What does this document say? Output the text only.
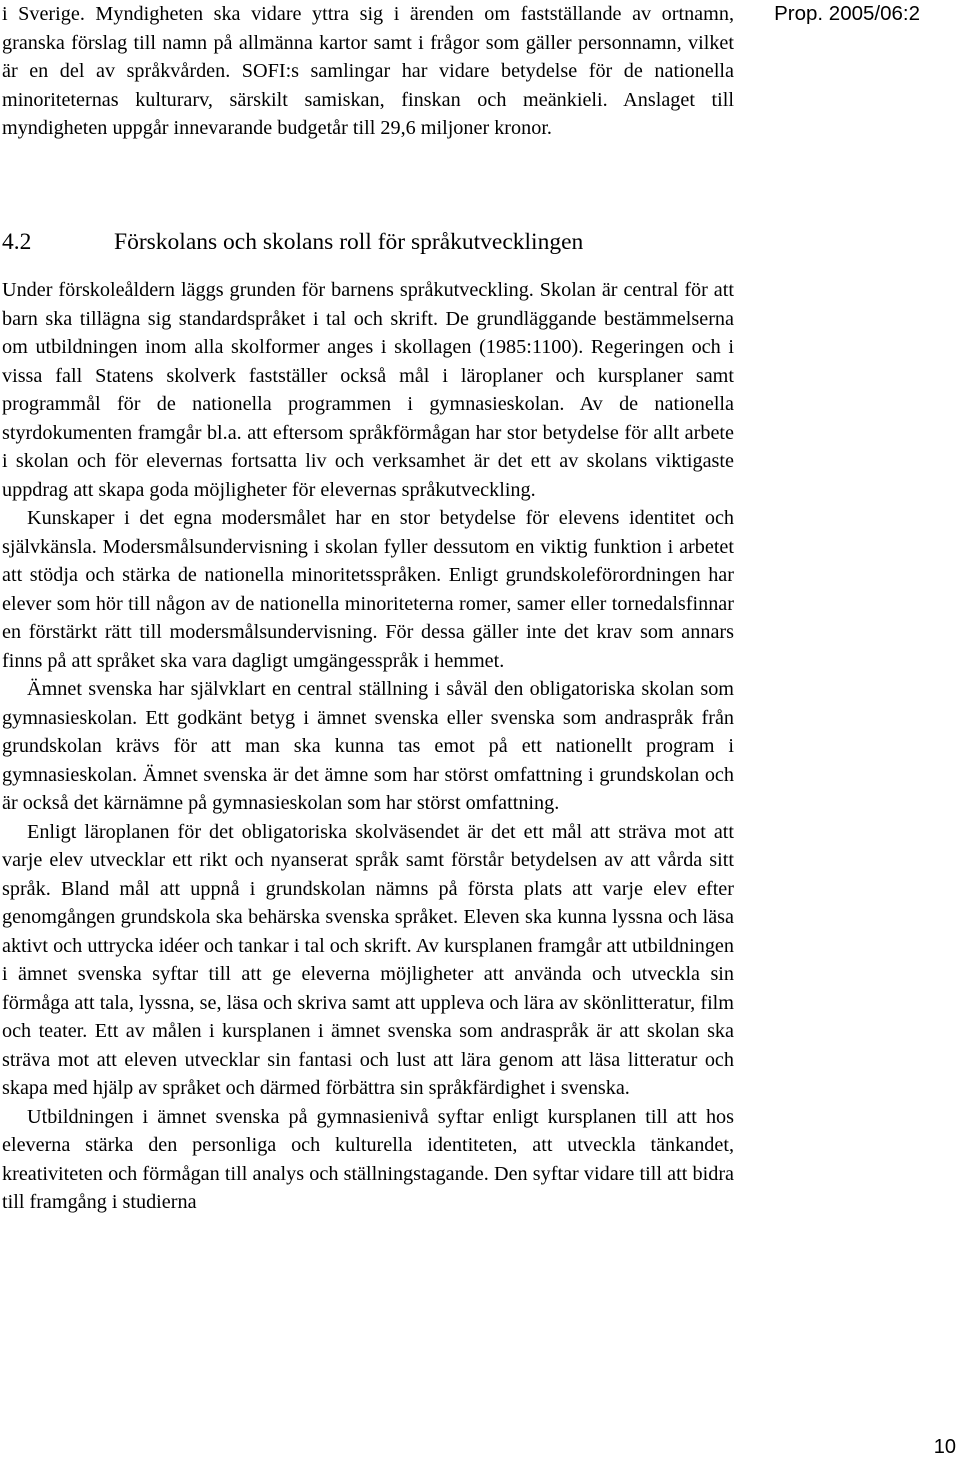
Prop. 2005/06:2

i Sverige. Myndigheten ska vidare yttra sig i ärenden om fastställande av ortnamn, granska förslag till namn på allmänna kartor samt i frågor som gäller personnamn, vilket är en del av språkvården. SOFI:s samlingar har vidare betydelse för de nationella minoriteternas kulturarv, särskilt samiskan, finskan och meänkieli. Anslaget till myndigheten uppgår innevarande budgetår till 29,6 miljoner kronor.

4.2	Förskolans och skolans roll för språkutvecklingen

Under förskoleåldern läggs grunden för barnens språkutveckling. Skolan är central för att barn ska tillägna sig standardspråket i tal och skrift. De grundläggande bestämmelserna om utbildningen inom alla skolformer anges i skollagen (1985:1100). Regeringen och i vissa fall Statens skolverk fastställer också mål i läroplaner och kursplaner samt programmål för de nationella programmen i gymnasieskolan. Av de nationella styrdokumenten framgår bl.a. att eftersom språkförmågan har stor betydelse för allt arbete i skolan och för elevernas fortsatta liv och verksamhet är det ett av skolans viktigaste uppdrag att skapa goda möjligheter för elevernas språkutveckling.

Kunskaper i det egna modersmålet har en stor betydelse för elevens identitet och självkänsla. Modersmålsundervisning i skolan fyller dessutom en viktig funktion i arbetet att stödja och stärka de nationella minoritetsspråken. Enligt grundskoleförordningen har elever som hör till någon av de nationella minoriteterna romer, samer eller tornedalsfinnar en förstärkt rätt till modersmålsundervisning. För dessa gäller inte det krav som annars finns på att språket ska vara dagligt umgängesspråk i hemmet.

Ämnet svenska har självklart en central ställning i såväl den obligatoriska skolan som gymnasieskolan. Ett godkänt betyg i ämnet svenska eller svenska som andraspråk från grundskolan krävs för att man ska kunna tas emot på ett nationellt program i gymnasieskolan. Ämnet svenska är det ämne som har störst omfattning i grundskolan och är också det kärnämne på gymnasieskolan som har störst omfattning.

Enligt läroplanen för det obligatoriska skolväsendet är det ett mål att sträva mot att varje elev utvecklar ett rikt och nyanserat språk samt förstår betydelsen av att vårda sitt språk. Bland mål att uppnå i grundskolan nämns på första plats att varje elev efter genomgången grundskola ska behärska svenska språket. Eleven ska kunna lyssna och läsa aktivt och uttrycka idéer och tankar i tal och skrift. Av kursplanen framgår att utbildningen i ämnet svenska syftar till att ge eleverna möjligheter att använda och utveckla sin förmåga att tala, lyssna, se, läsa och skriva samt att uppleva och lära av skönlitteratur, film och teater. Ett av målen i kursplanen i ämnet svenska som andraspråk är att skolan ska sträva mot att eleven utvecklar sin fantasi och lust att lära genom att läsa litteratur och skapa med hjälp av språket och därmed förbättra sin språkfärdighet i svenska.

Utbildningen i ämnet svenska på gymnasienivå syftar enligt kursplanen till att hos eleverna stärka den personliga och kulturella identiteten, att utveckla tänkandet, kreativiteten och förmågan till analys och ställningstagande. Den syftar vidare till att bidra till framgång i studierna

10
